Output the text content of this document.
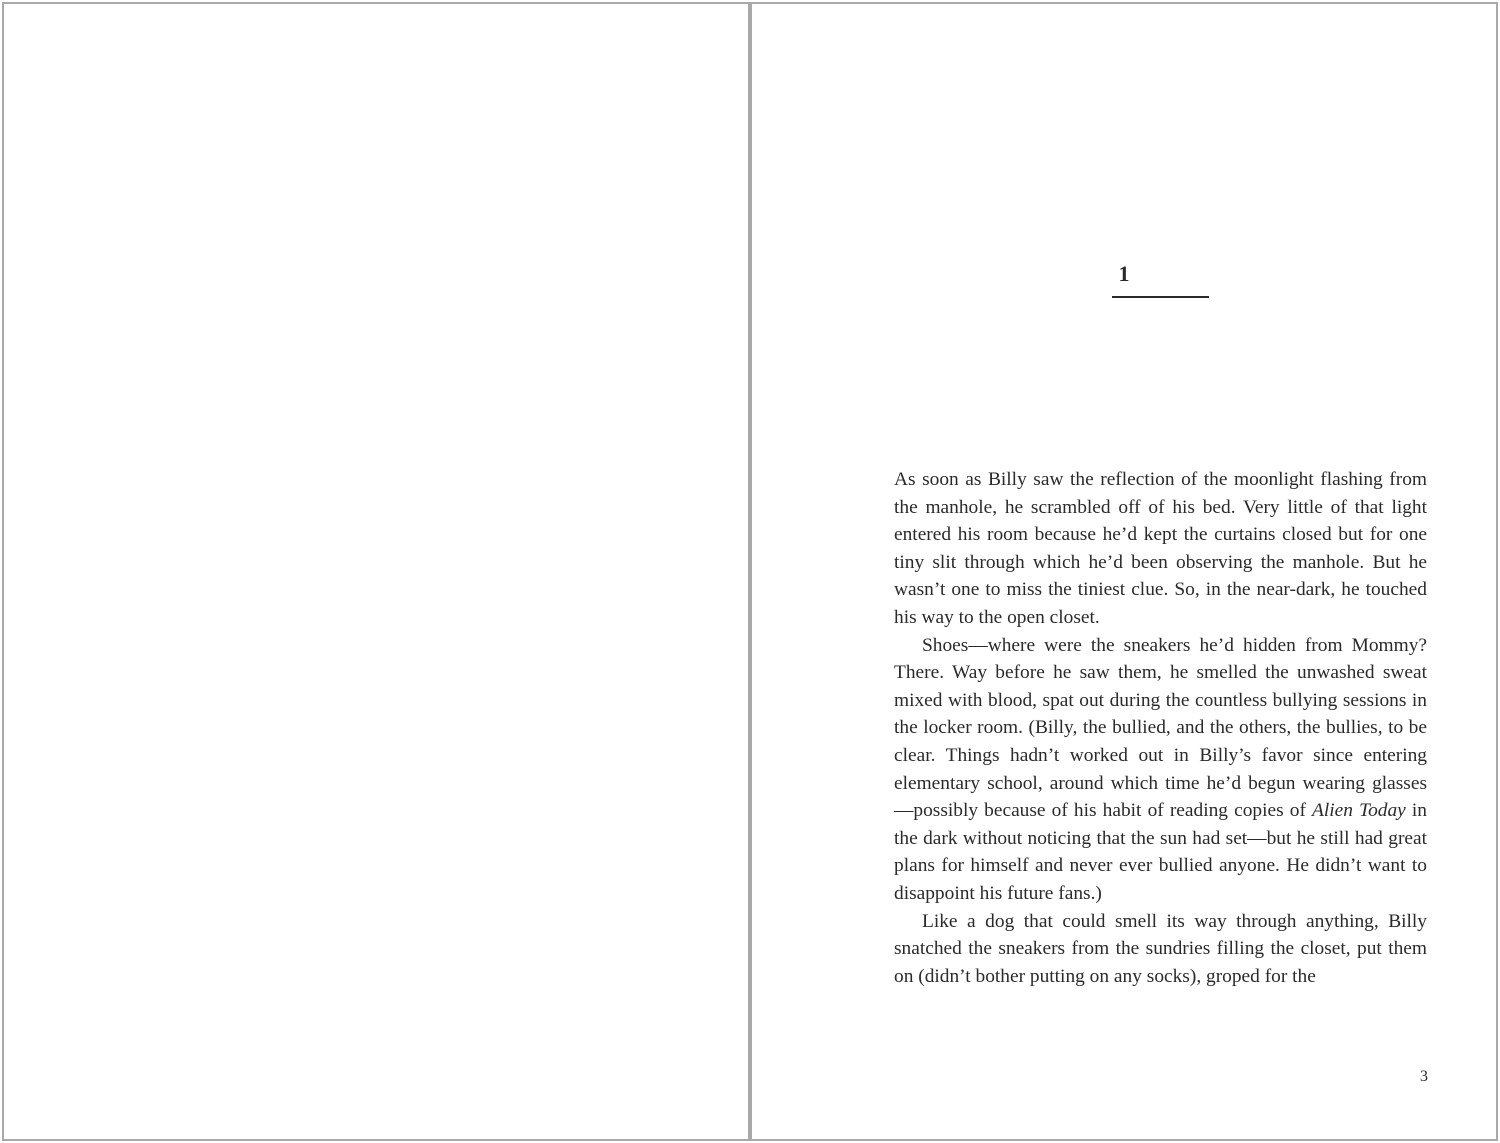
1

As soon as Billy saw the reflection of the moonlight flashing from the manhole, he scrambled off of his bed. Very little of that light entered his room because he’d kept the curtains closed but for one tiny slit through which he’d been observing the manhole. But he wasn’t one to miss the tiniest clue. So, in the near-dark, he touched his way to the open closet.

Shoes—where were the sneakers he’d hidden from Mommy? There. Way before he saw them, he smelled the unwashed sweat mixed with blood, spat out during the countless bullying sessions in the locker room. (Billy, the bullied, and the others, the bullies, to be clear. Things hadn’t worked out in Billy’s favor since entering elementary school, around which time he’d begun wearing glasses—possibly because of his habit of reading copies of Alien Today in the dark without noticing that the sun had set—but he still had great plans for himself and never ever bullied anyone. He didn’t want to disappoint his future fans.)

Like a dog that could smell its way through anything, Billy snatched the sneakers from the sundries filling the closet, put them on (didn’t bother putting on any socks), groped for the

3
